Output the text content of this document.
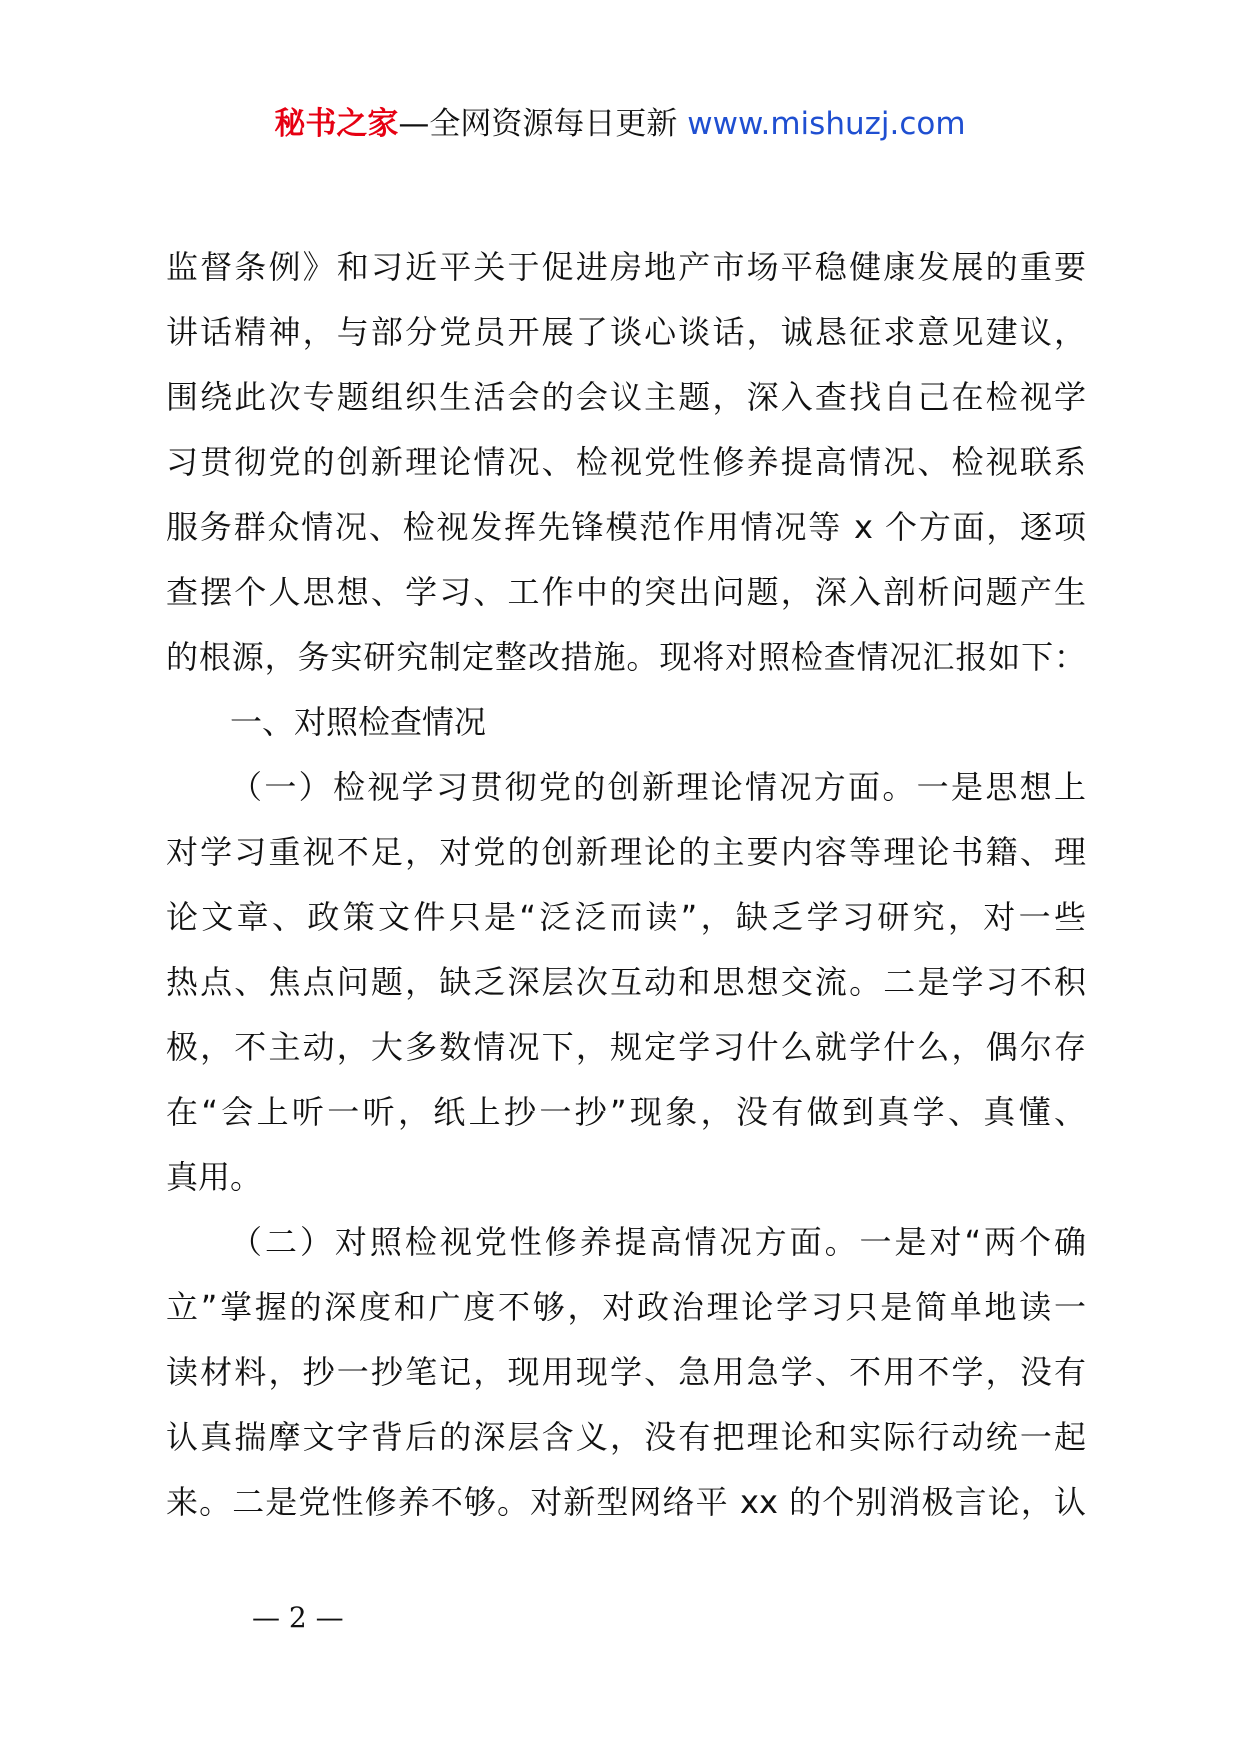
秘书之家—全网资源每日更新 www.mishuzj.com
监督条例》和习近平关于促进房地产市场平稳健康发展的重要
讲话精神，与部分党员开展了谈心谈话，诚恳征求意见建议，
围绕此次专题组织生活会的会议主题，深入查找自己在检视学
习贯彻党的创新理论情况、检视党性修养提高情况、检视联系
服务群众情况、检视发挥先锋模范作用情况等 x 个方面，逐项
查摆个人思想、学习、工作中的突出问题，深入剖析问题产生
的根源，务实研究制定整改措施。现将对照检查情况汇报如下：
一、对照检查情况
（一）检视学习贯彻党的创新理论情况方面。一是思想上
对学习重视不足，对党的创新理论的主要内容等理论书籍、理
论文章、政策文件只是“泛泛而读”，缺乏学习研究，对一些
热点、焦点问题，缺乏深层次互动和思想交流。二是学习不积
极，不主动，大多数情况下，规定学习什么就学什么，偶尔存
在“会上听一听，纸上抄一抄”现象，没有做到真学、真懂、
真用。
（二）对照检视党性修养提高情况方面。一是对“两个确
立”掌握的深度和广度不够，对政治理论学习只是简单地读一
读材料，抄一抄笔记，现用现学、急用急学、不用不学，没有
认真揣摩文字背后的深层含义，没有把理论和实际行动统一起
来。二是党性修养不够。对新型网络平 xx 的个别消极言论，认
— 2 —
